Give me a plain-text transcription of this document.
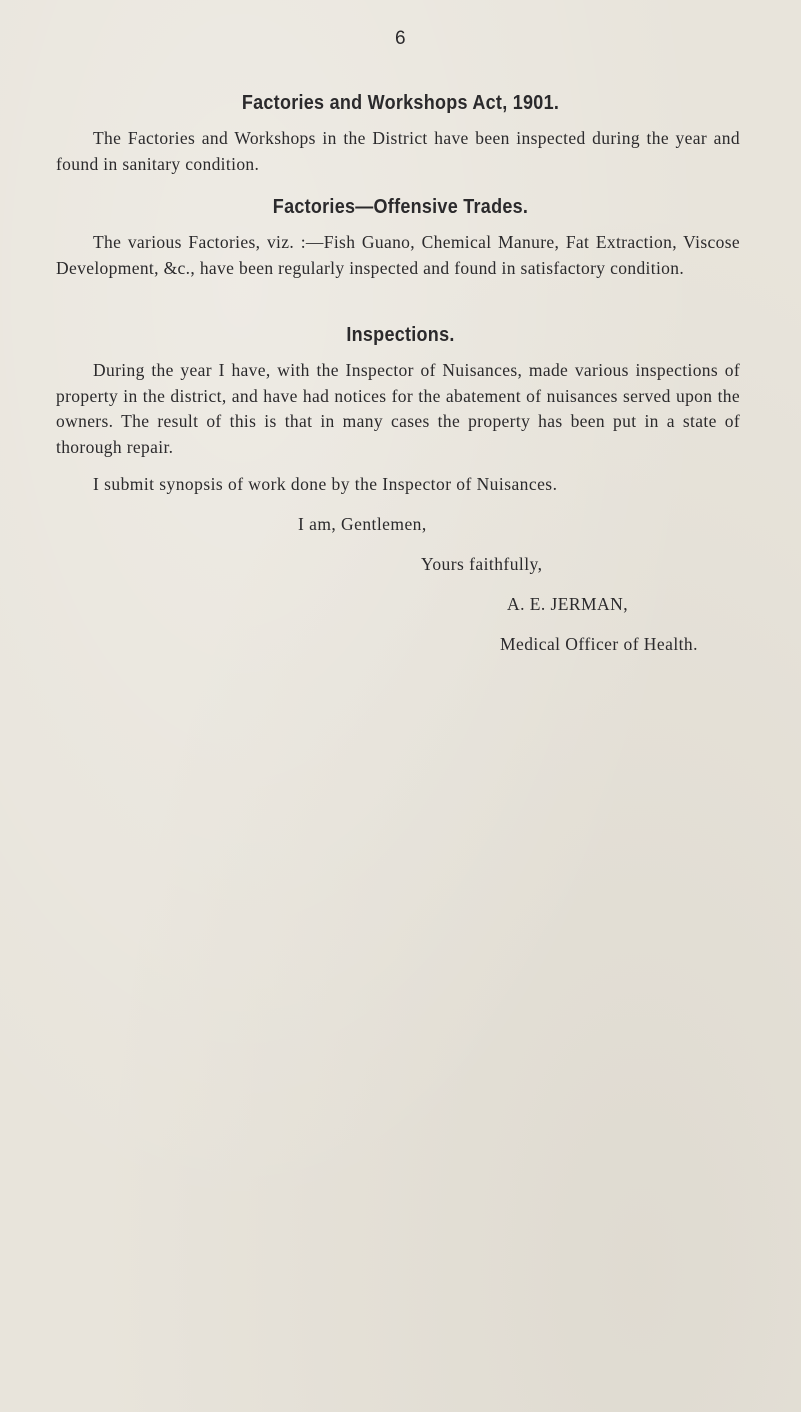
6
Factories and Workshops Act, 1901.
The Factories and Workshops in the District have been inspected during the year and found in sanitary condition.
Factories—Offensive Trades.
The various Factories, viz. :—Fish Guano, Chemical Manure, Fat Extraction, Viscose Development, &c., have been regularly inspected and found in satisfactory condition.
Inspections.
During the year I have, with the Inspector of Nuisances, made various inspections of property in the district, and have had notices for the abatement of nuisances served upon the owners. The result of this is that in many cases the property has been put in a state of thorough repair.
I submit synopsis of work done by the Inspector of Nuisances.
I am, Gentlemen,
Yours faithfully,
A. E. JERMAN,
Medical Officer of Health.
